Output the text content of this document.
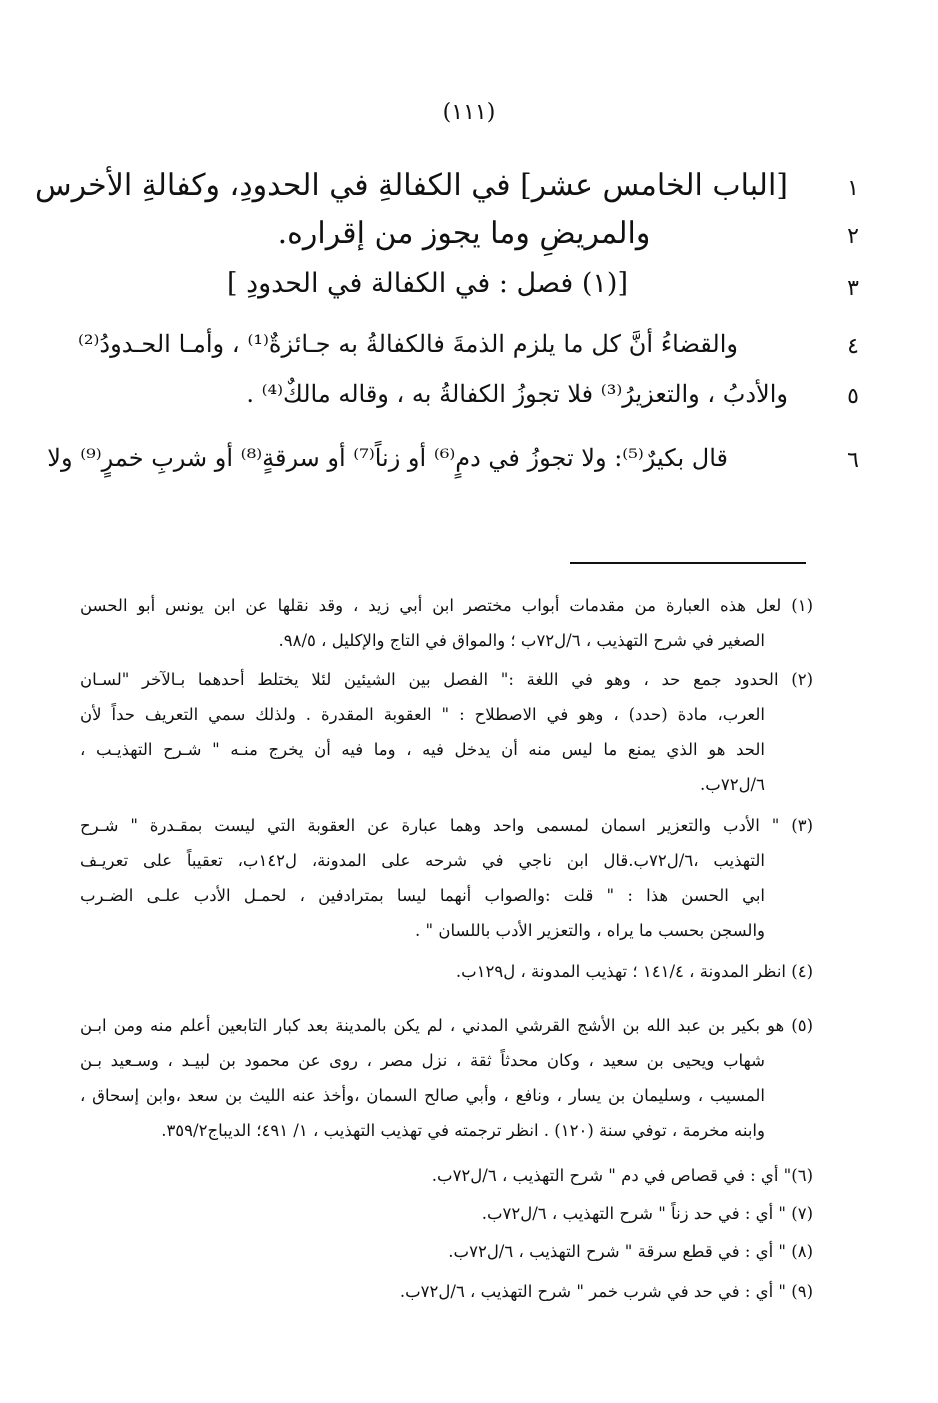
(١١١)
١
[الباب الخامس عشر] في الكفالةِ في الحدودِ، وكفالةِ الأخرس
٢
والمريضِ وما يجوز من إقراره.
٣
[(١) فصل : في الكفالة في الحدودِ ]
٤
والقضاءُ أنَّ كل ما يلزم الذمةَ فالكفالةُ به جـائزةٌ⁽¹⁾ ، وأمـا الحـدودُ⁽²⁾
٥
والأدبُ ، والتعزيرُ⁽³⁾ فلا تجوزُ الكفالةُ به ، وقاله مالكٌ⁽⁴⁾ .
٦
قال بكيرٌ⁽⁵⁾: ولا تجوزُ في دمٍ⁽⁶⁾ أو زناً⁽⁷⁾ أو سرقةٍ⁽⁸⁾ أو شربِ خمرٍ⁽⁹⁾ ولا
(١) لعل هذه العبارة من مقدمات أبواب مختصر ابن أبي زيد ، وقد نقلها عن ابن يونس أبو الحسن
الصغير في شرح التهذيب ، ٦/ل٧٢ب ؛ والمواق في التاج والإكليل ، ٩٨/٥.
(٢) الحدود جمع حد ، وهو في اللغة :" الفصل بين الشيئين لئلا يختلط أحدهما بـالآخر "لسـان
العرب، مادة (حدد) ، وهو في الاصطلاح : " العقوبة المقدرة . ولذلك سمي التعريف حداً لأن
الحد هو الذي يمنع ما ليس منه أن يدخل فيه ، وما فيه أن يخرج منـه " شـرح التهذيـب ،
٦/ل٧٢ب.
(٣) " الأدب والتعزير اسمان لمسمى واحد وهما عبارة عن العقوبة التي ليست بمقـدرة " شـرح
التهذيب ،٦/ل٧٢ب.قال ابن ناجي في شرحه على المدونة، ل١٤٢ب، تعقيباً على تعريـف
ابي الحسن هذا : " قلت :والصواب أنهما ليسا بمترادفين ، لحمـل الأدب علـى الضـرب
والسجن بحسب ما يراه ، والتعزير الأدب باللسان " .
(٤) انظر المدونة ، ١٤١/٤ ؛ تهذيب المدونة ، ل١٢٩ب.
(٥) هو بكير بن عبد الله بن الأشج القرشي المدني ، لم يكن بالمدينة بعد كبار التابعين أعلم منه ومن ابـن
شهاب ويحيى بن سعيد ، وكان محدثاً ثقة ، نزل مصر ، روى عن محمود بن لبيـد ، وسـعيد بـن
المسيب ، وسليمان بن يسار ، ونافع ، وأبي صالح السمان ،وأخذ عنه الليث بن سعد ،وابن إسحاق ،
وابنه مخرمة ، توفي سنة (١٢٠) . انظر ترجمته في تهذيب التهذيب ، ١/ ٤٩١؛ الديباج٣٥٩/٢.
(٦)" أي : في قصاص في دم " شرح التهذيب ، ٦/ل٧٢ب.
(٧) " أي : في حد زناً " شرح التهذيب ، ٦/ل٧٢ب.
(٨) " أي : في قطع سرقة " شرح التهذيب ، ٦/ل٧٢ب.
(٩) " أي : في حد في شرب خمر " شرح التهذيب ، ٦/ل٧٢ب.
